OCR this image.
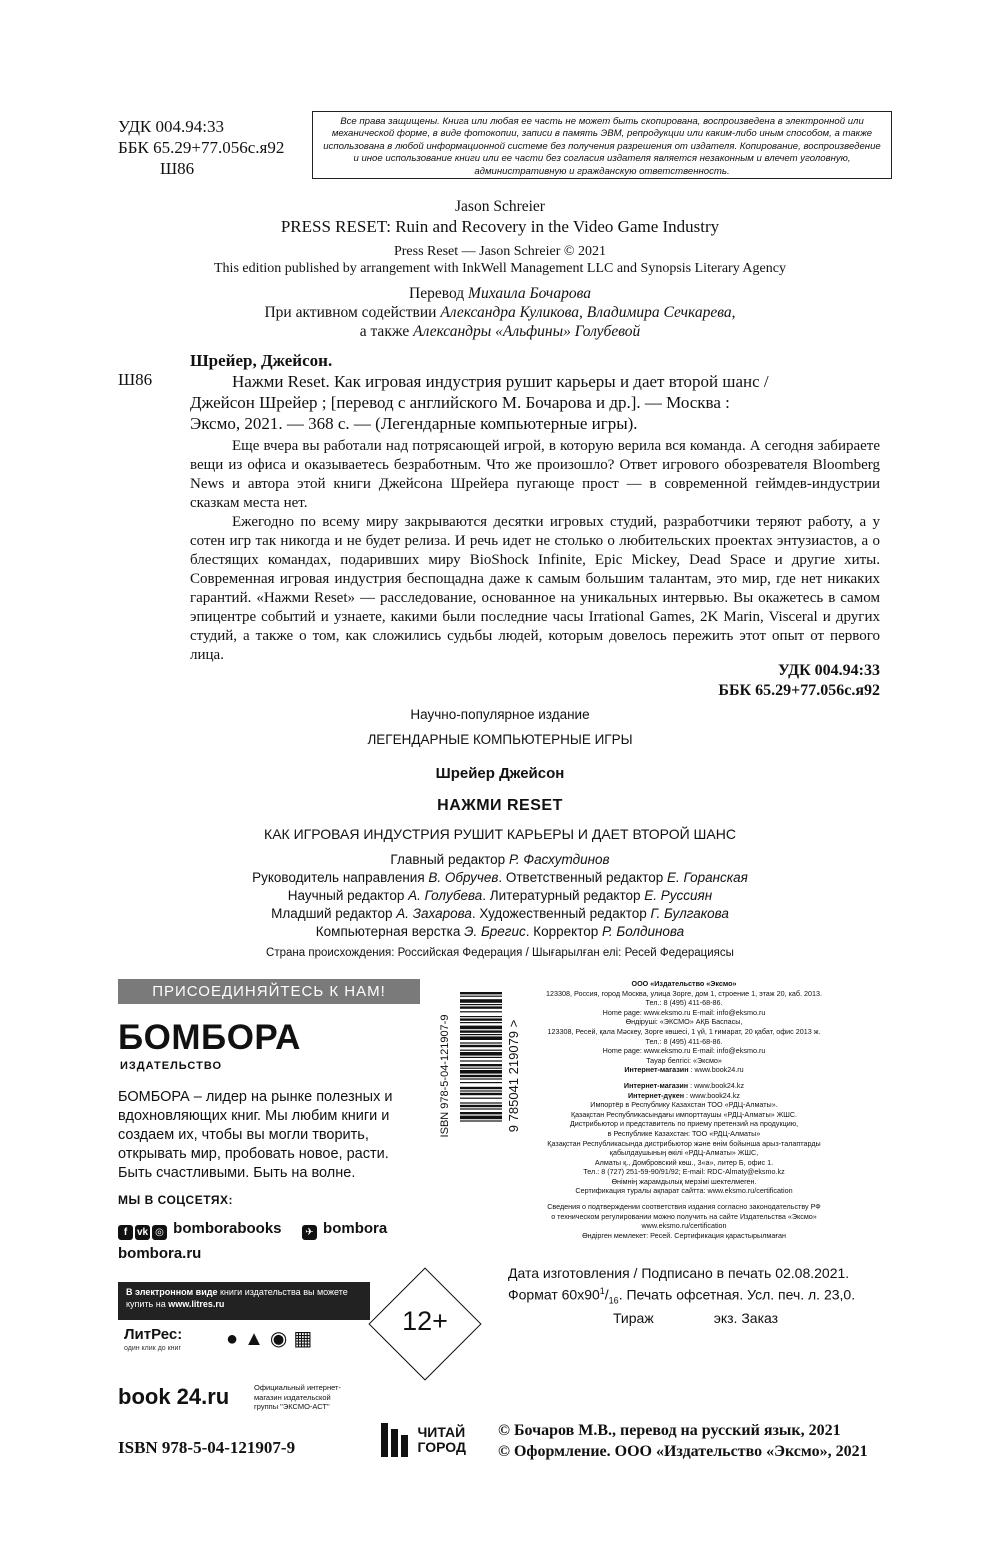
УДК 004.94:33
ББК 65.29+77.056с.я92
Ш86
Все права защищены. Книга или любая ее часть не может быть скопирована, воспроизведена в электронной или механической форме, в виде фотокопии, записи в память ЭВМ, репродукции или каким-либо иным способом, а также использована в любой информационной системе без получения разрешения от издателя. Копирование, воспроизведение и иное использование книги или ее части без согласия издателя является незаконным и влечет уголовную, административную и гражданскую ответственность.
Jason Schreier
PRESS RESET: Ruin and Recovery in the Video Game Industry
Press Reset — Jason Schreier © 2021
This edition published by arrangement with InkWell Management LLC and Synopsis Literary Agency
Перевод Михаила Бочарова
При активном содействии Александра Куликова, Владимира Сечкарева,
а также Александры «Альфины» Голубевой
Ш86
Шрейер, Джейсон.
Нажми Reset. Как игровая индустрия рушит карьеры и дает второй шанс /
Джейсон Шрейер ; [перевод с английского М. Бочарова и др.]. — Москва :
Эксмо, 2021. — 368 с. — (Легендарные компьютерные игры).

Еще вчера вы работали над потрясающей игрой, в которую верила вся команда. А сегодня забираете вещи из офиса и оказываетесь безработным. Что же произошло? Ответ игрового обозревателя Bloomberg News и автора этой книги Джейсона Шрейера пугающе прост — в современной геймдев-индустрии сказкам места нет.

Ежегодно по всему миру закрываются десятки игровых студий, разработчики теряют работу, а у сотен игр так никогда и не будет релиза. И речь идет не столько о любительских проектах энтузиастов, а о блестящих командах, подаривших миру BioShock Infinite, Epic Mickey, Dead Space и другие хиты. Современная игровая индустрия беспощадна даже к самым большим талантам, это мир, где нет никаких гарантий. «Нажми Reset» — расследование, основанное на уникальных интервью. Вы окажетесь в самом эпицентре событий и узнаете, какими были последние часы Irrational Games, 2K Marin, Visceral и других студий, а также о том, как сложились судьбы людей, которым довелось пережить этот опыт от первого лица.

УДК 004.94:33
ББК 65.29+77.056с.я92
Научно-популярное издание
ЛЕГЕНДАРНЫЕ КОМПЬЮТЕРНЫЕ ИГРЫ
Шрейер Джейсон
НАЖМИ RESET
КАК ИГРОВАЯ ИНДУСТРИЯ РУШИТ КАРЬЕРЫ И ДАЕТ ВТОРОЙ ШАНС
Главный редактор Р. Фасхутдинов
Руководитель направления В. Обручев. Ответственный редактор Е. Горанская
Научный редактор А. Голубева. Литературный редактор Е. Руссиян
Младший редактор А. Захарова. Художественный редактор Г. Булгакова
Компьютерная верстка Э. Брегис. Корректор Р. Болдинова
Страна происхождения: Российская Федерация / Шығарылған елі: Ресей Федерациясы
ПРИСОЕДИНЯЙТЕСЬ К НАМ!
БОМБОРА
ИЗДАТЕЛЬСТВО
БОМБОРА – лидер на рынке полезных и вдохновляющих книг. Мы любим книги и создаем их, чтобы вы могли творить, открывать мир, пробовать новое, расти. Быть счастливыми. Быть на волне.
МЫ В СОЦСЕТЯХ:
f vk ◎ bomborabooks ✈ bombora
bombora.ru
В электронном виде книги издательства вы можете
купить на www.litres.ru
ЛитРес:
один клик до книг ●▲◉▦
12+
book 24.ru	Официальный интернет-магазин издательской группы "ЭКСМО-АСТ"
ISBN 978-5-04-121907-9
ЧИТАЙ
ГОРОД
ISBN 978-5-04-121907-9	9 785041 219079 >
ООО «Издательство «Эксмо»
123308, Россия, город Москва, улица Зорге, дом 1, строение 1, этаж 20, каб. 2013.
Тел.: 8 (495) 411-68-86.
Home page: www.eksmo.ru E-mail: info@eksmo.ru
Өндіруші: «ЭКСМО» АҚБ Баспасы,
123308, Ресей, қала Мәскеу, Зорге көшесі, 1 үй, 1 ғимарат, 20 қабат, офис 2013 ж.
Тел.: 8 (495) 411-68-86.
Home page: www.eksmo.ru E-mail: info@eksmo.ru
Тауар белгісі: «Эксмо»
Интернет-магазин : www.book24.ru
Интернет-магазин : www.book24.kz
Интернет-дүкен : www.book24.kz
Импортёр в Республику Казахстан ТОО «РДЦ-Алматы».
Қазақстан Республикасындағы импорттаушы «РДЦ-Алматы» ЖШС.
Дистрибьютор и представитель по приему претензий на продукцию,
в Республике Казахстан: ТОО «РДЦ-Алматы»
Қазақстан Республикасында дистрибьютор және өнім бойынша арыз-талаптарды
қабылдаушының өкілі «РДЦ-Алматы» ЖШС,
Алматы қ., Домбровский көш., 3«а», литер Б, офис 1.
Тел.: 8 (727) 251-59-90/91/92; E-mail: RDC-Almaty@eksmo.kz
Өнімнің жарамдылық мерзімі шектелмеген.
Сертификация туралы ақпарат сайтта: www.eksmo.ru/certification
Сведения о подтверждении соответствия издания согласно законодательству РФ
о техническом регулировании можно получить на сайте Издательства «Эксмо»
www.eksmo.ru/certification
Өндірген мемлекет: Ресей. Сертификация қарастырылмаған
Дата изготовления / Подписано в печать 02.08.2021.
Формат $60x90^1/_{16}$. Печать офсетная. Усл. печ. л. 23,0.
Тираж	экз. Заказ
© Бочаров М.В., перевод на русский язык, 2021
© Оформление. ООО «Издательство «Эксмо», 2021
